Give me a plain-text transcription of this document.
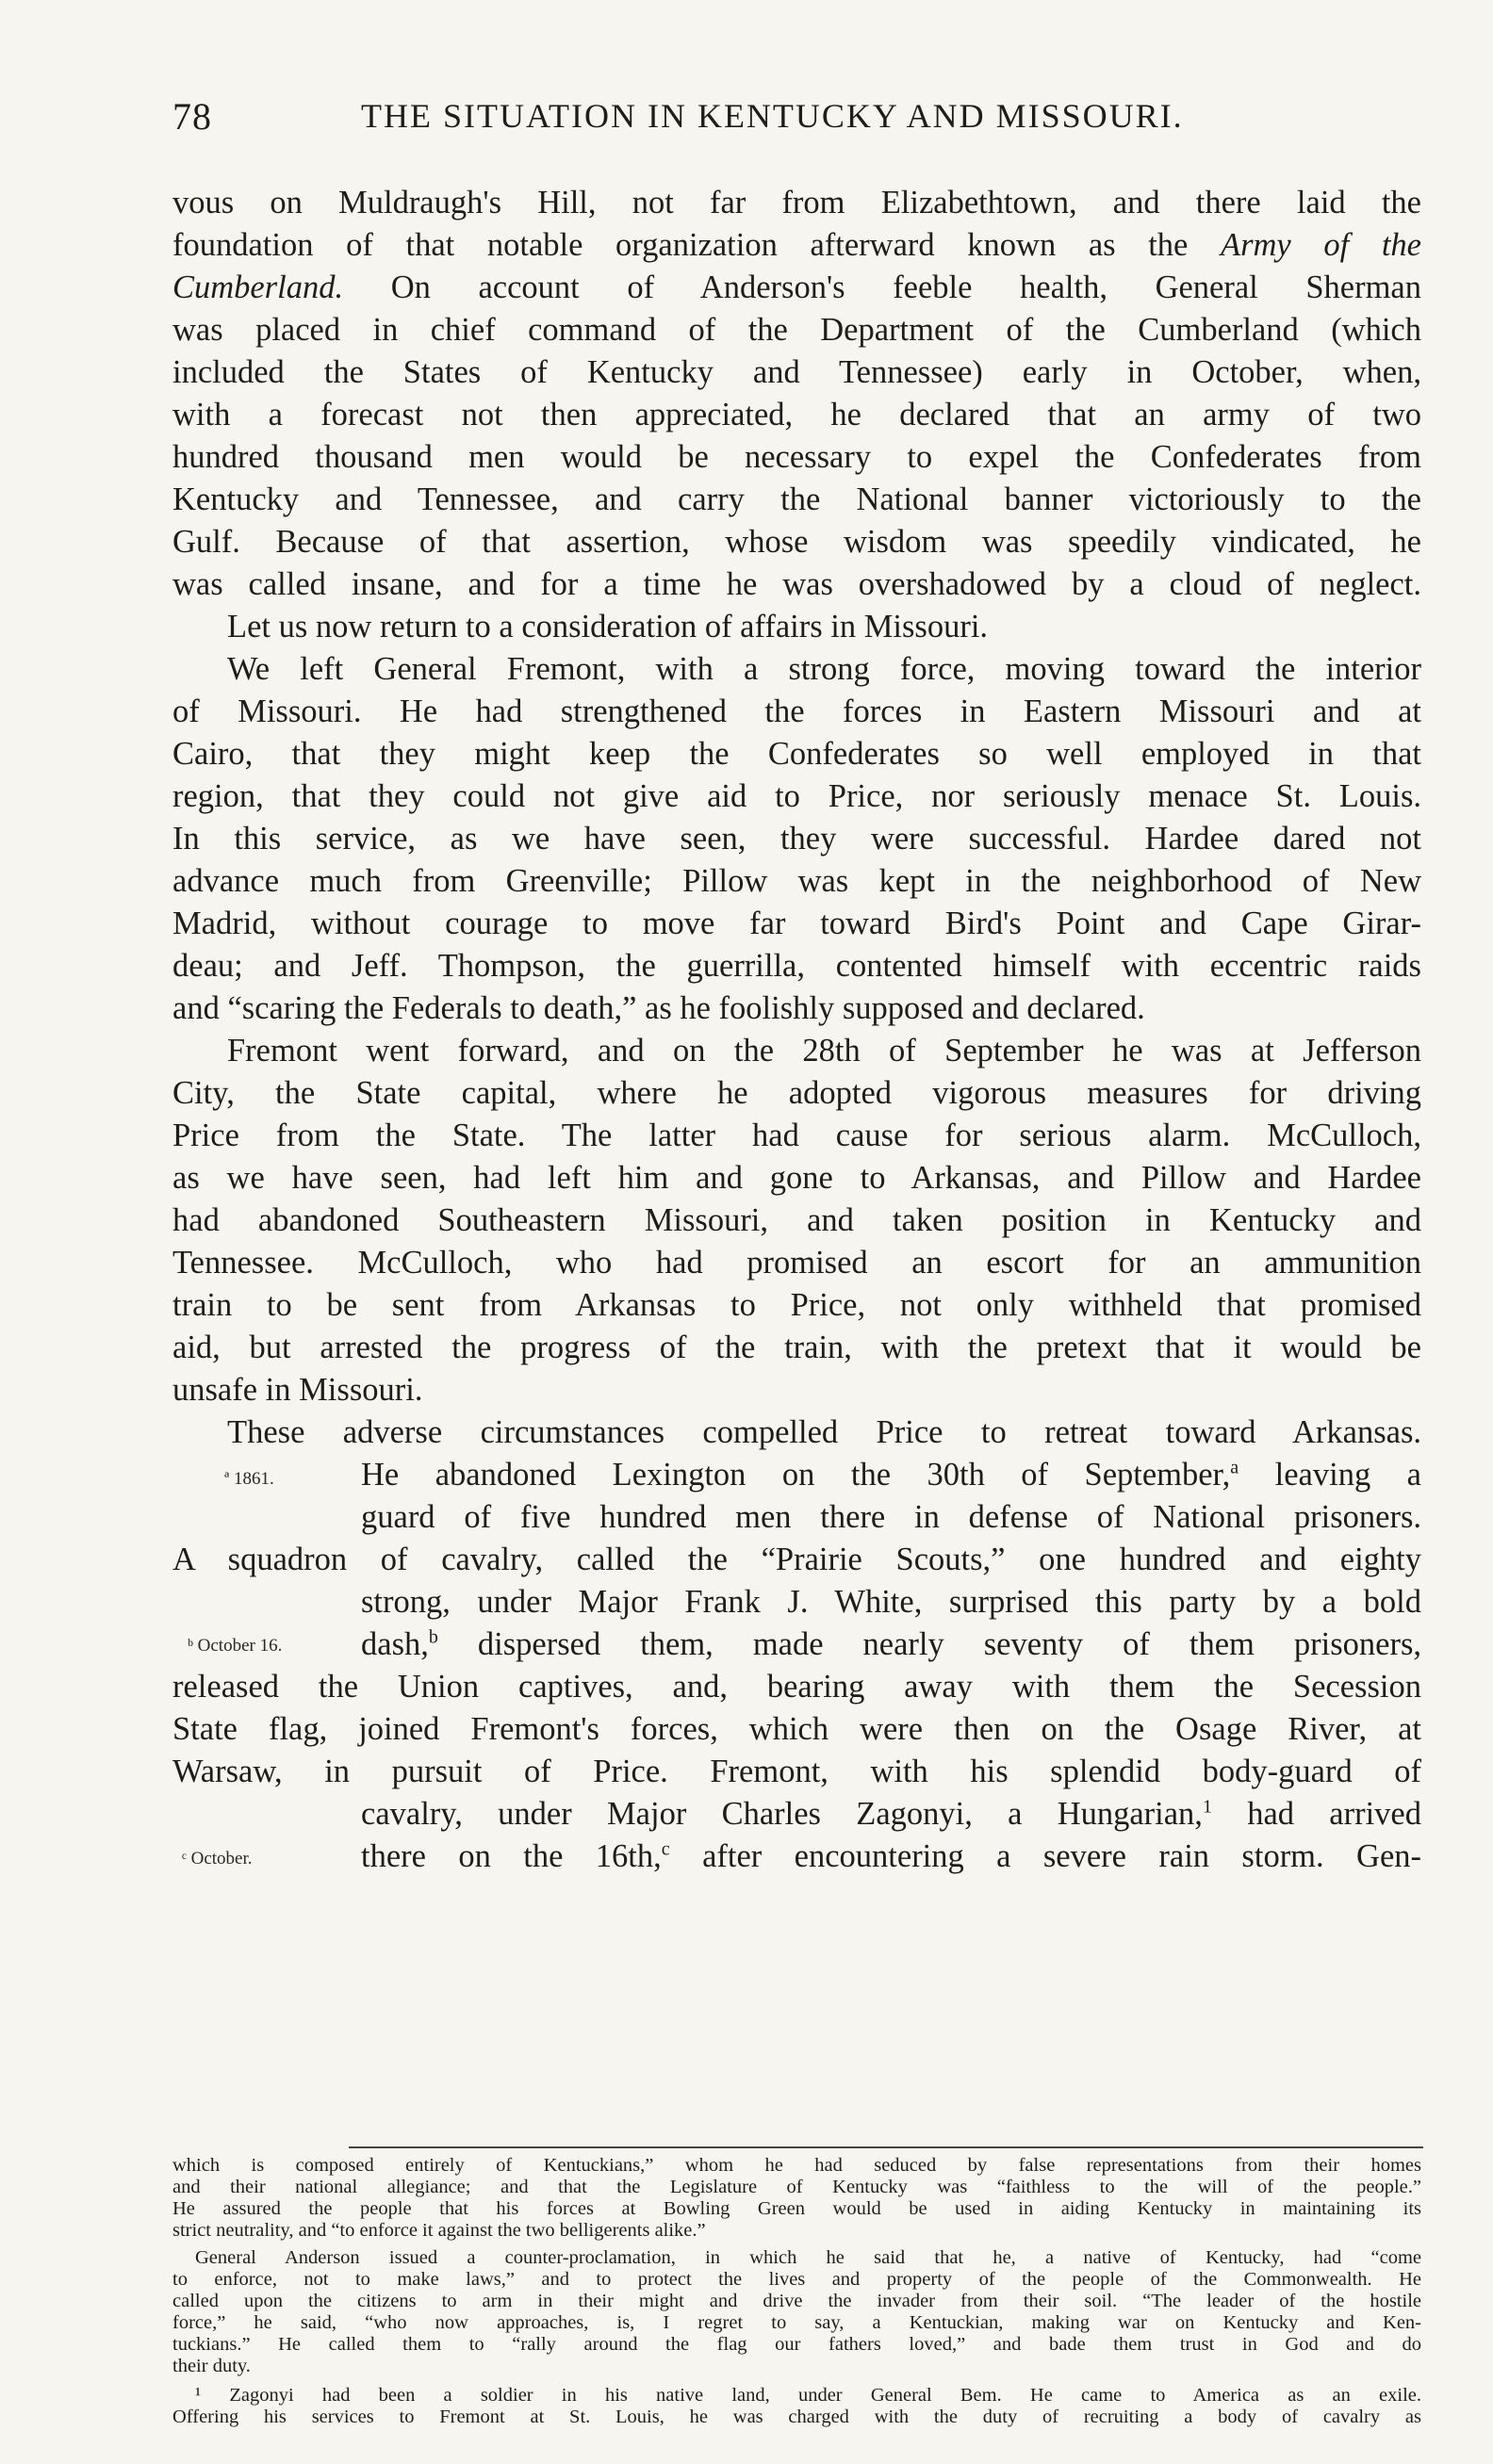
78	THE SITUATION IN KENTUCKY AND MISSOURI.
vous on Muldraugh's Hill, not far from Elizabethtown, and there laid the
foundation of that notable organization afterward known as the Army of the
Cumberland. On account of Anderson's feeble health, General Sherman
was placed in chief command of the Department of the Cumberland (which
included the States of Kentucky and Tennessee) early in October, when,
with a forecast not then appreciated, he declared that an army of two
hundred thousand men would be necessary to expel the Confederates from
Kentucky and Tennessee, and carry the National banner victoriously to the
Gulf. Because of that assertion, whose wisdom was speedily vindicated, he
was called insane, and for a time he was overshadowed by a cloud of neglect.
Let us now return to a consideration of affairs in Missouri.
We left General Fremont, with a strong force, moving toward the interior
of Missouri. He had strengthened the forces in Eastern Missouri and at
Cairo, that they might keep the Confederates so well employed in that
region, that they could not give aid to Price, nor seriously menace St. Louis.
In this service, as we have seen, they were successful. Hardee dared not
advance much from Greenville; Pillow was kept in the neighborhood of New
Madrid, without courage to move far toward Bird's Point and Cape Girar-
deau; and Jeff. Thompson, the guerrilla, contented himself with eccentric raids
and “scaring the Federals to death,” as he foolishly supposed and declared.
Fremont went forward, and on the 28th of September he was at Jefferson
City, the State capital, where he adopted vigorous measures for driving
Price from the State. The latter had cause for serious alarm. McCulloch,
as we have seen, had left him and gone to Arkansas, and Pillow and Hardee
had abandoned Southeastern Missouri, and taken position in Kentucky and
Tennessee. McCulloch, who had promised an escort for an ammunition
train to be sent from Arkansas to Price, not only withheld that promised
aid, but arrested the progress of the train, with the pretext that it would be
unsafe in Missouri.
These adverse circumstances compelled Price to retreat toward Arkansas.
He abandoned Lexington on the 30th of September,$^a$ leaving a
guard of five hundred men there in defense of National prisoners.
A squadron of cavalry, called the “Prairie Scouts,” one hundred and eighty
strong, under Major Frank J. White, surprised this party by a bold
dash,$^b$ dispersed them, made nearly seventy of them prisoners,
released the Union captives, and, bearing away with them the Secession
State flag, joined Fremont's forces, which were then on the Osage River, at
Warsaw, in pursuit of Price. Fremont, with his splendid body-guard of
cavalry, under Major Charles Zagonyi, a Hungarian,$^1$ had arrived
there on the 16th,$^c$ after encountering a severe rain storm. Gen-
ª 1861.
ᵇ October 16.
ᶜ October.
which is composed entirely of Kentuckians,” whom he had seduced by false representations from their homes
and their national allegiance; and that the Legislature of Kentucky was “faithless to the will of the people.”
He assured the people that his forces at Bowling Green would be used in aiding Kentucky in maintaining its
strict neutrality, and “to enforce it against the two belligerents alike.”
General Anderson issued a counter-proclamation, in which he said that he, a native of Kentucky, had “come
to enforce, not to make laws,” and to protect the lives and property of the people of the Commonwealth. He
called upon the citizens to arm in their might and drive the invader from their soil. “The leader of the hostile
force,” he said, “who now approaches, is, I regret to say, a Kentuckian, making war on Kentucky and Ken-
tuckians.” He called them to “rally around the flag our fathers loved,” and bade them trust in God and do
their duty.
¹ Zagonyi had been a soldier in his native land, under General Bem. He came to America as an exile.
Offering his services to Fremont at St. Louis, he was charged with the duty of recruiting a body of cavalry as
